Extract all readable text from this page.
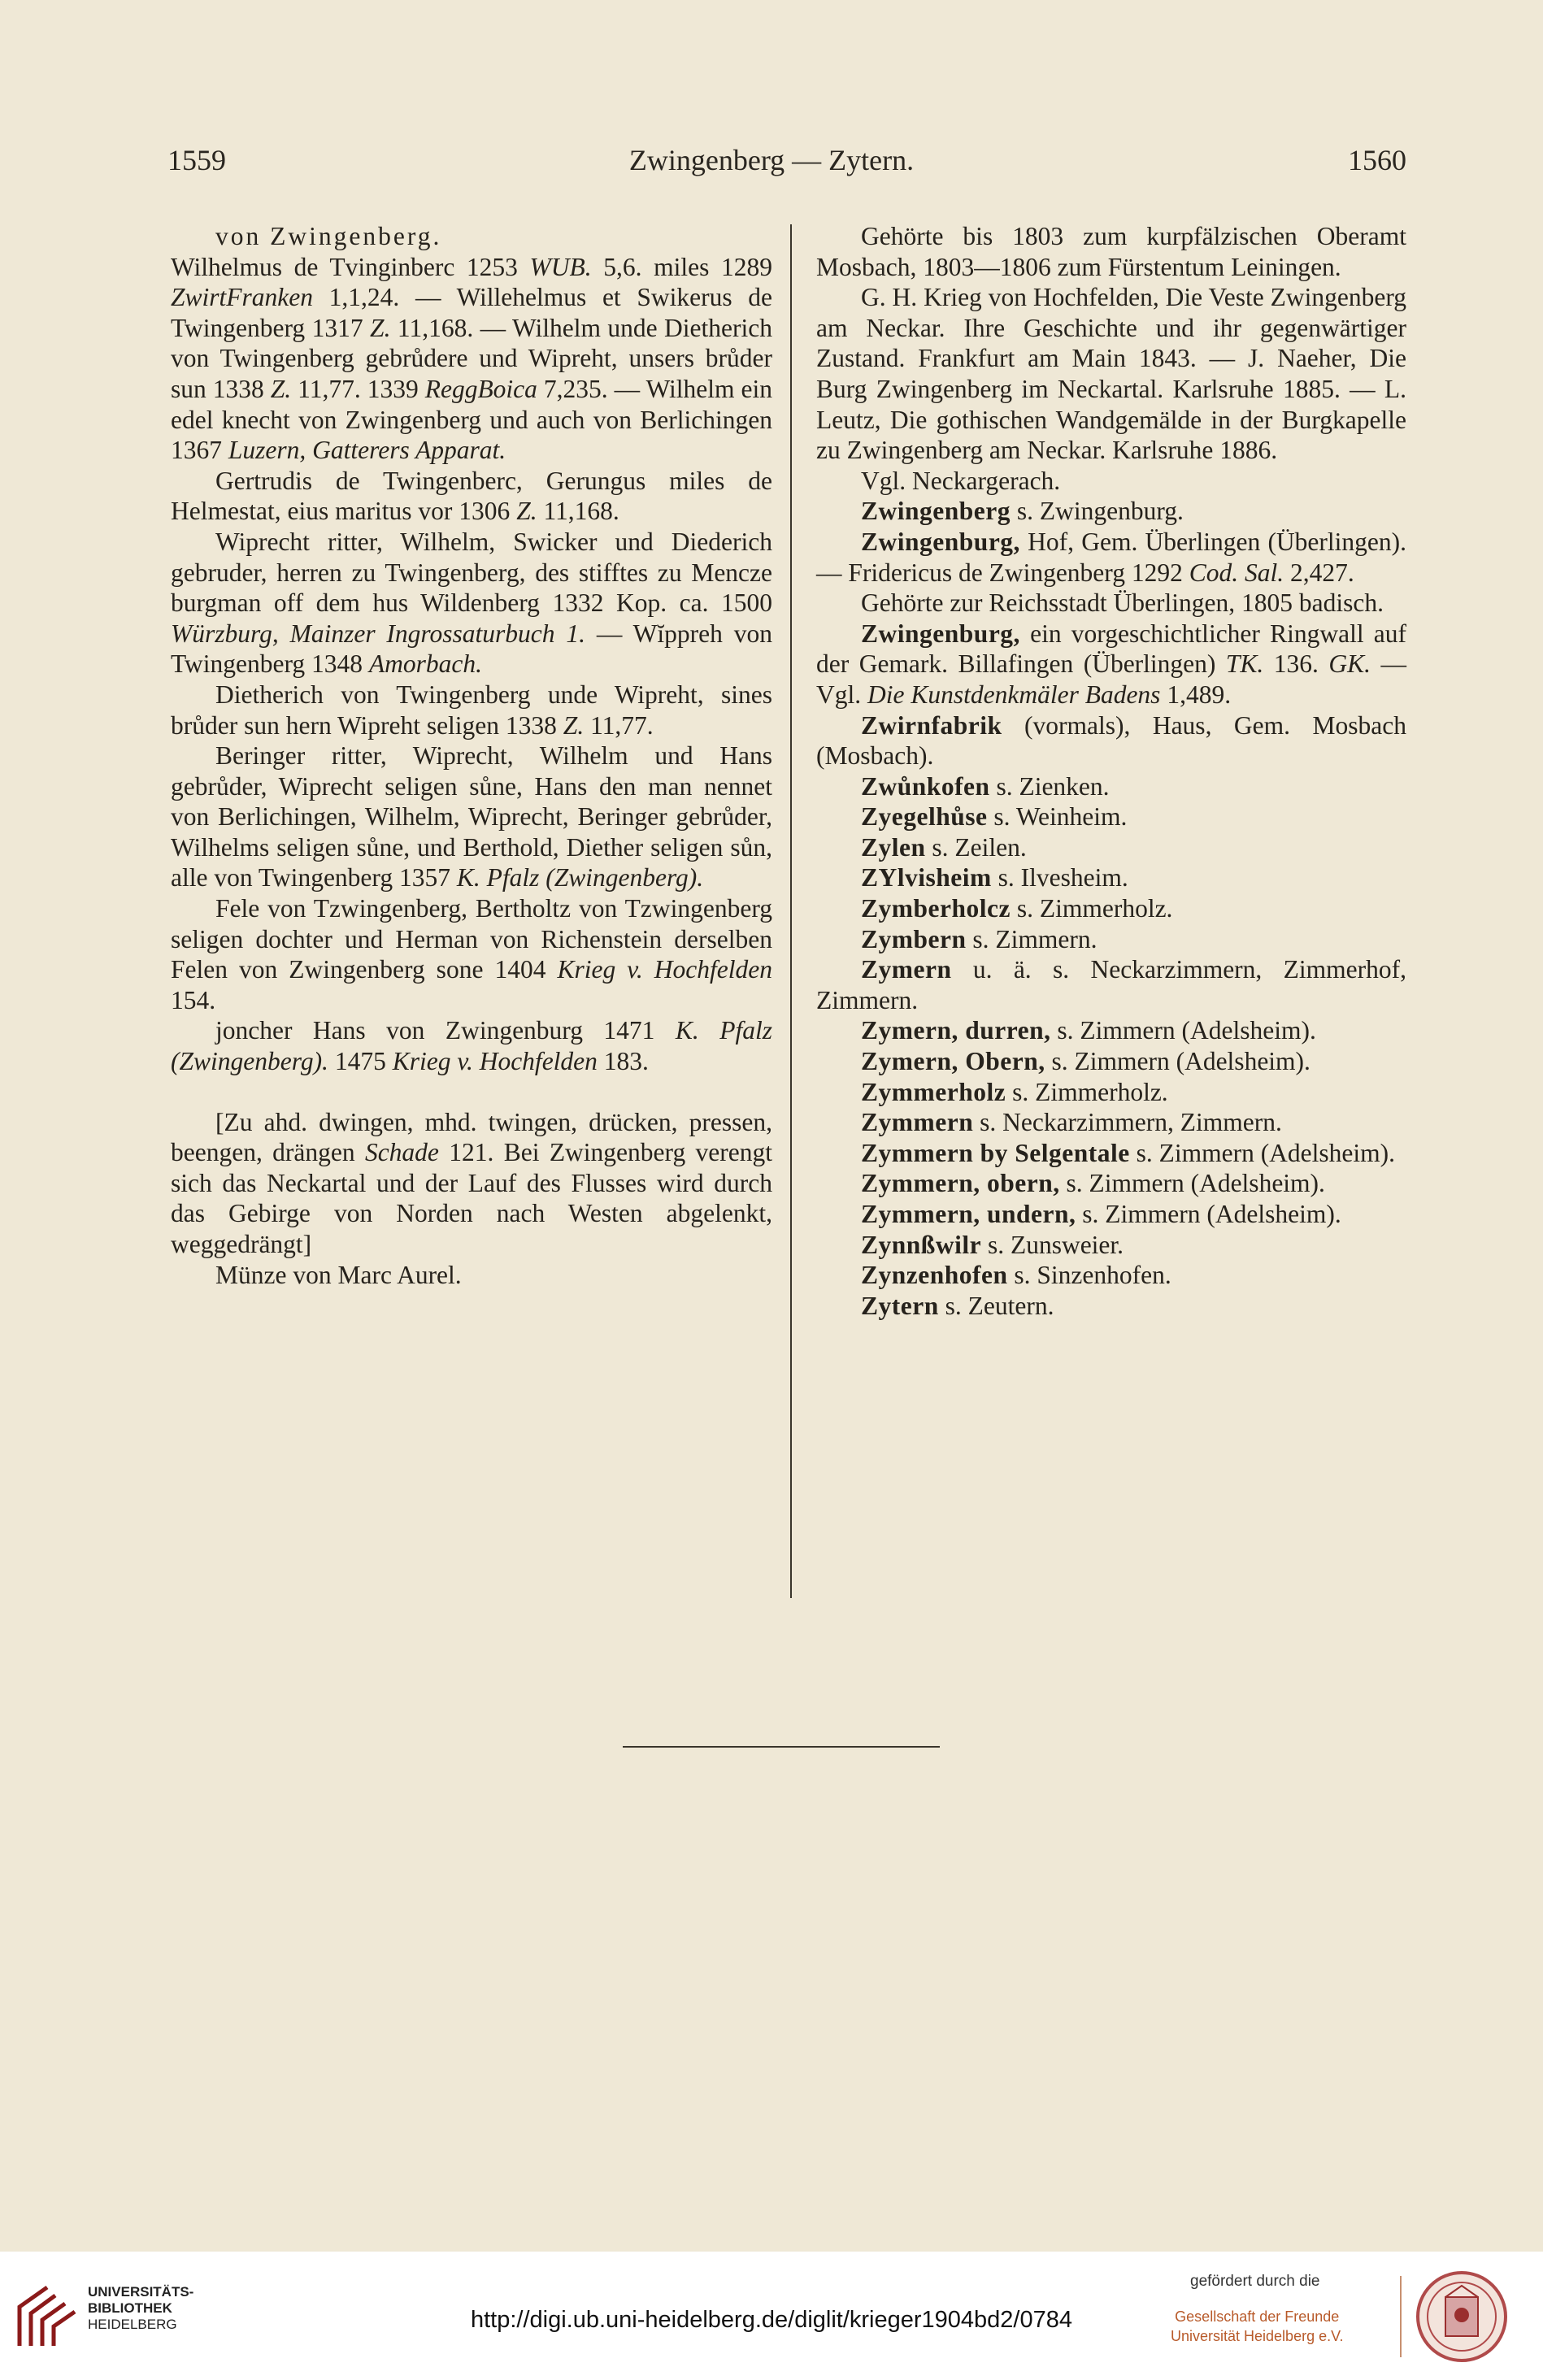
1559	Zwingenberg — Zytern.	1560

von Zwingenberg.
Wilhelmus de Tvinginberc 1253 WUB. 5,6. miles 1289 ZwirtFranken 1,1,24. — Willehelmus et Swikerus de Twingenberg 1317 Z. 11,168. — Wilhelm unde Dietherich von Twingenberg gebrůdere und Wipreht, unsers brůder sun 1338 Z. 11,77. 1339 ReggBoica 7,235. — Wilhelm ein edel knecht von Zwingenberg und auch von Berlichingen 1367 Luzern, Gatterers Apparat.

Gertrudis de Twingenberc, Gerungus miles de Helmestat, eius maritus vor 1306 Z. 11,168.

Wiprecht ritter, Wilhelm, Swicker und Diederich gebruder, herren zu Twingenberg, des stifftes zu Mencze burgman off dem hus Wildenberg 1332 Kop. ca. 1500 Würzburg, Mainzer Ingrossaturbuch 1. — Wĭppreh von Twingenberg 1348 Amorbach.

Dietherich von Twingenberg unde Wipreht, sines brůder sun hern Wipreht seligen 1338 Z. 11,77.

Beringer ritter, Wiprecht, Wilhelm und Hans gebrůder, Wiprecht seligen sůne, Hans den man nennet von Berlichingen, Wilhelm, Wiprecht, Beringer gebrůder, Wilhelms seligen sůne, und Berthold, Diether seligen sůn, alle von Twingenberg 1357 K. Pfalz (Zwingenberg).

Fele von Tzwingenberg, Bertholtz von Tzwingenberg seligen dochter und Herman von Richenstein derselben Felen von Zwingenberg sone 1404 Krieg v. Hochfelden 154.

joncher Hans von Zwingenburg 1471 K. Pfalz (Zwingenberg). 1475 Krieg v. Hochfelden 183.

[Zu ahd. dwingen, mhd. twingen, drücken, pressen, beengen, drängen Schade 121. Bei Zwingenberg verengt sich das Neckartal und der Lauf des Flusses wird durch das Gebirge von Norden nach Westen abgelenkt, weggedrängt]

Münze von Marc Aurel.

Gehörte bis 1803 zum kurpfälzischen Oberamt Mosbach, 1803—1806 zum Fürstentum Leiningen.

G. H. Krieg von Hochfelden, Die Veste Zwingenberg am Neckar. Ihre Geschichte und ihr gegenwärtiger Zustand. Frankfurt am Main 1843. — J. Naeher, Die Burg Zwingenberg im Neckartal. Karlsruhe 1885. — L. Leutz, Die gothischen Wandgemälde in der Burgkapelle zu Zwingenberg am Neckar. Karlsruhe 1886.

Vgl. Neckargerach.

Zwingenberg s. Zwingenburg.

Zwingenburg, Hof, Gem. Überlingen (Überlingen). — Fridericus de Zwingenberg 1292 Cod. Sal. 2,427.

Gehörte zur Reichsstadt Überlingen, 1805 badisch.

Zwingenburg, ein vorgeschichtlicher Ringwall auf der Gemark. Billafingen (Überlingen) TK. 136. GK. — Vgl. Die Kunstdenkmäler Badens 1,489.

Zwirnfabrik (vormals), Haus, Gem. Mosbach (Mosbach).

Zwůnkofen s. Zienken.

Zyegelhůse s. Weinheim.

Zylen s. Zeilen.

ZYlvisheim s. Ilvesheim.

Zymberholcz s. Zimmerholz.

Zymbern s. Zimmern.

Zymern u. ä. s. Neckarzimmern, Zimmerhof, Zimmern.

Zymern, durren, s. Zimmern (Adelsheim).

Zymern, Obern, s. Zimmern (Adelsheim).

Zymmerholz s. Zimmerholz.

Zymmern s. Neckarzimmern, Zimmern.

Zymmern by Selgentale s. Zimmern (Adelsheim).

Zymmern, obern, s. Zimmern (Adelsheim).

Zymmern, undern, s. Zimmern (Adelsheim).

Zynnßwilr s. Zunsweier.

Zynzenhofen s. Sinzenhofen.

Zytern s. Zeutern.

UNIVERSITÄTS-
BIBLIOTHEK
HEIDELBERG	http://digi.ub.uni-heidelberg.de/diglit/krieger1904bd2/0784
gefördert durch die
Gesellschaft der Freunde
Universität Heidelberg e.V.
